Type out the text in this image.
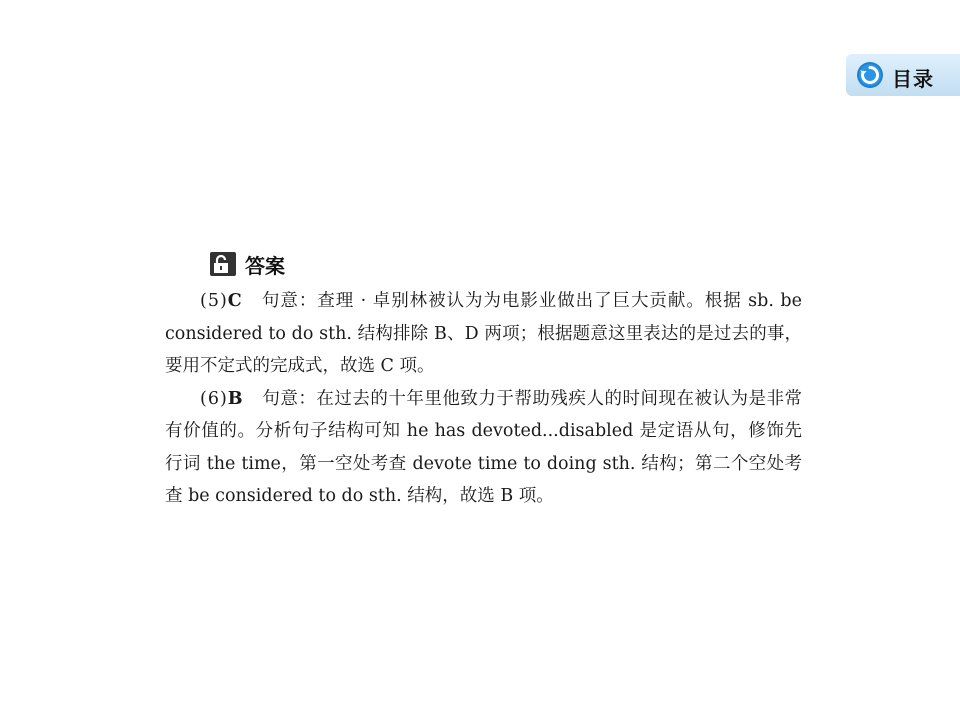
目录
答案

(5)C 句意：查理 · 卓别林被认为为电影业做出了巨大贡献。根据 sb. be considered to do sth. 结构排除 B、D 两项；根据题意这里表达的是过去的事，要用不定式的完成式，故选 C 项。

(6)B 句意：在过去的十年里他致力于帮助残疾人的时间现在被认为是非常有价值的。分析句子结构可知 he has devoted...disabled 是定语从句，修饰先行词 the time，第一空处考查 devote time to doing sth. 结构；第二个空处考查 be considered to do sth. 结构，故选 B 项。
